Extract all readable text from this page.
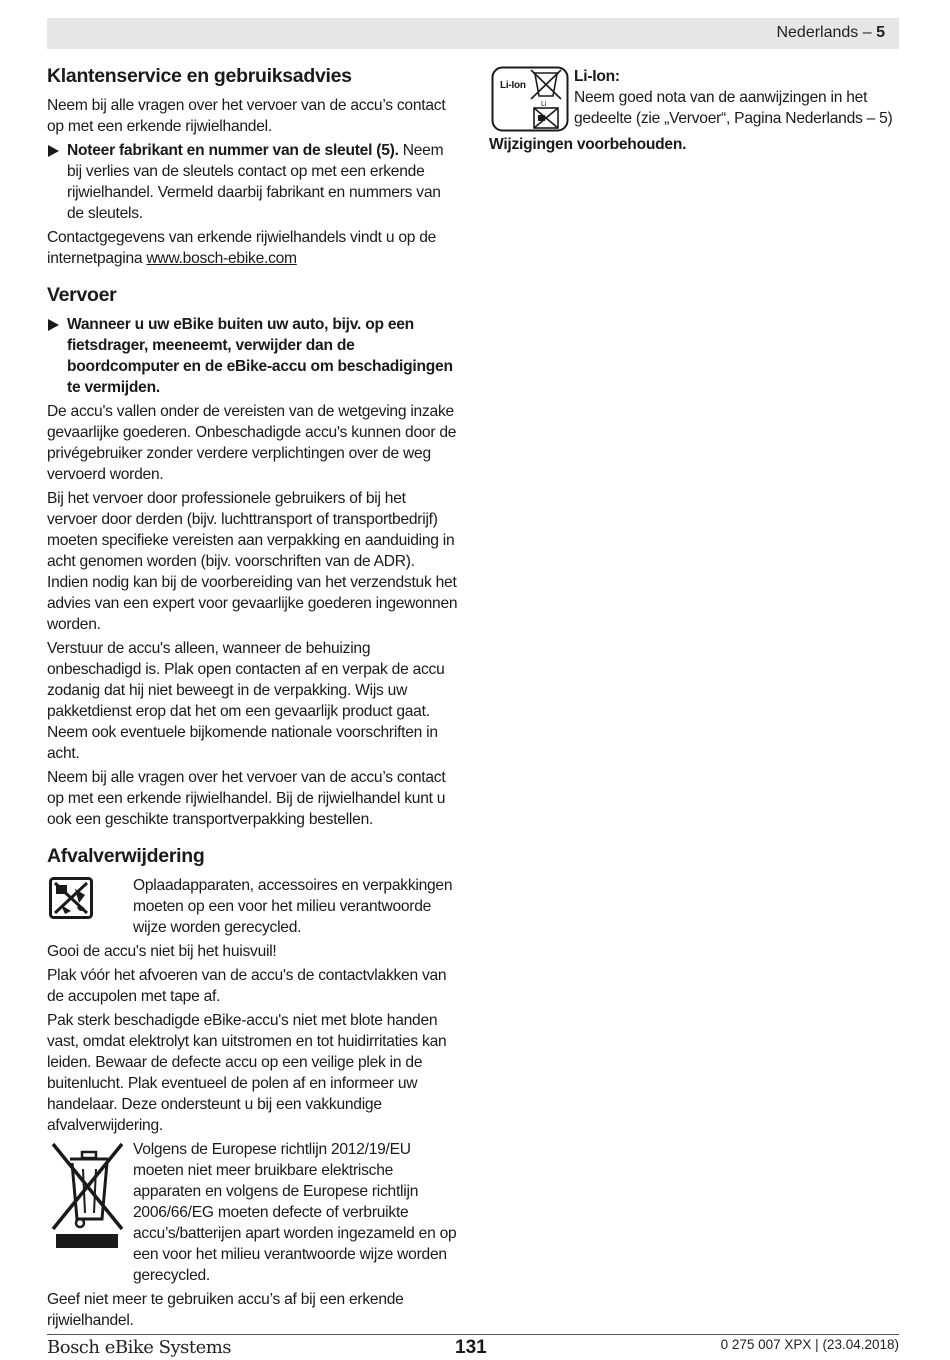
Nederlands – 5
Klantenservice en gebruiksadvies

Neem bij alle vragen over het vervoer van de accu’s contact op met een erkende rijwielhandel.

Noteer fabrikant en nummer van de sleutel (5). Neem bij verlies van de sleutels contact op met een erkende rijwielhandel. Vermeld daarbij fabrikant en nummers van de sleutels.

Contactgegevens van erkende rijwielhandels vindt u op de internetpagina www.bosch-ebike.com

Vervoer
Wanneer u uw eBike buiten uw auto, bijv. op een fietsdrager, meeneemt, verwijder dan de boordcomputer en de eBike-accu om beschadigingen te vermijden.

De accu's vallen onder de vereisten van de wetgeving inzake gevaarlijke goederen. Onbeschadigde accu's kunnen door de privégebruiker zonder verdere verplichtingen over de weg vervoerd worden.

Bij het vervoer door professionele gebruikers of bij het vervoer door derden (bijv. luchttransport of transportbedrijf) moeten specifieke vereisten aan verpakking en aanduiding in acht genomen worden (bijv. voorschriften van de ADR). Indien nodig kan bij de voorbereiding van het verzendstuk het advies van een expert voor gevaarlijke goederen ingewonnen worden.

Verstuur de accu's alleen, wanneer de behuizing onbeschadigd is. Plak open contacten af en verpak de accu zodanig dat hij niet beweegt in de verpakking. Wijs uw pakketdienst erop dat het om een gevaarlijk product gaat. Neem ook eventuele bijkomende nationale voorschriften in acht.

Neem bij alle vragen over het vervoer van de accu’s contact op met een erkende rijwielhandel. Bij de rijwielhandel kunt u ook een geschikte transportverpakking bestellen.

Afvalverwijdering
Oplaadapparaten, accessoires en verpakkingen moeten op een voor het milieu verantwoorde wijze worden gerecycled.

Gooi de accu's niet bij het huisvuil!

Plak vóór het afvoeren van de accu's de contactvlakken van de accupolen met tape af.

Pak sterk beschadigde eBike-accu's niet met blote handen vast, omdat elektrolyt kan uitstromen en tot huidirritaties kan leiden. Bewaar de defecte accu op een veilige plek in de buitenlucht. Plak eventueel de polen af en informeer uw handelaar. Deze ondersteunt u bij een vakkundige afvalverwijdering.

Volgens de Europese richtlijn 2012/19/EU moeten niet meer bruikbare elektrische apparaten en volgens de Europese richtlijn 2006/66/EG moeten defecte of verbruikte accu’s/batterijen apart worden ingezameld en op een voor het milieu verantwoorde wijze worden gerecycled.

Geef niet meer te gebruiken accu’s af bij een erkende rijwielhandel.

Li-Ion
Li
Li-Ion:
Neem goed nota van de aanwijzingen in het gedeelte (zie „Vervoer“, Pagina Nederlands – 5)

Wijzigingen voorbehouden.

Bosch eBike Systems	131	0 275 007 XPX | (23.04.2018)
